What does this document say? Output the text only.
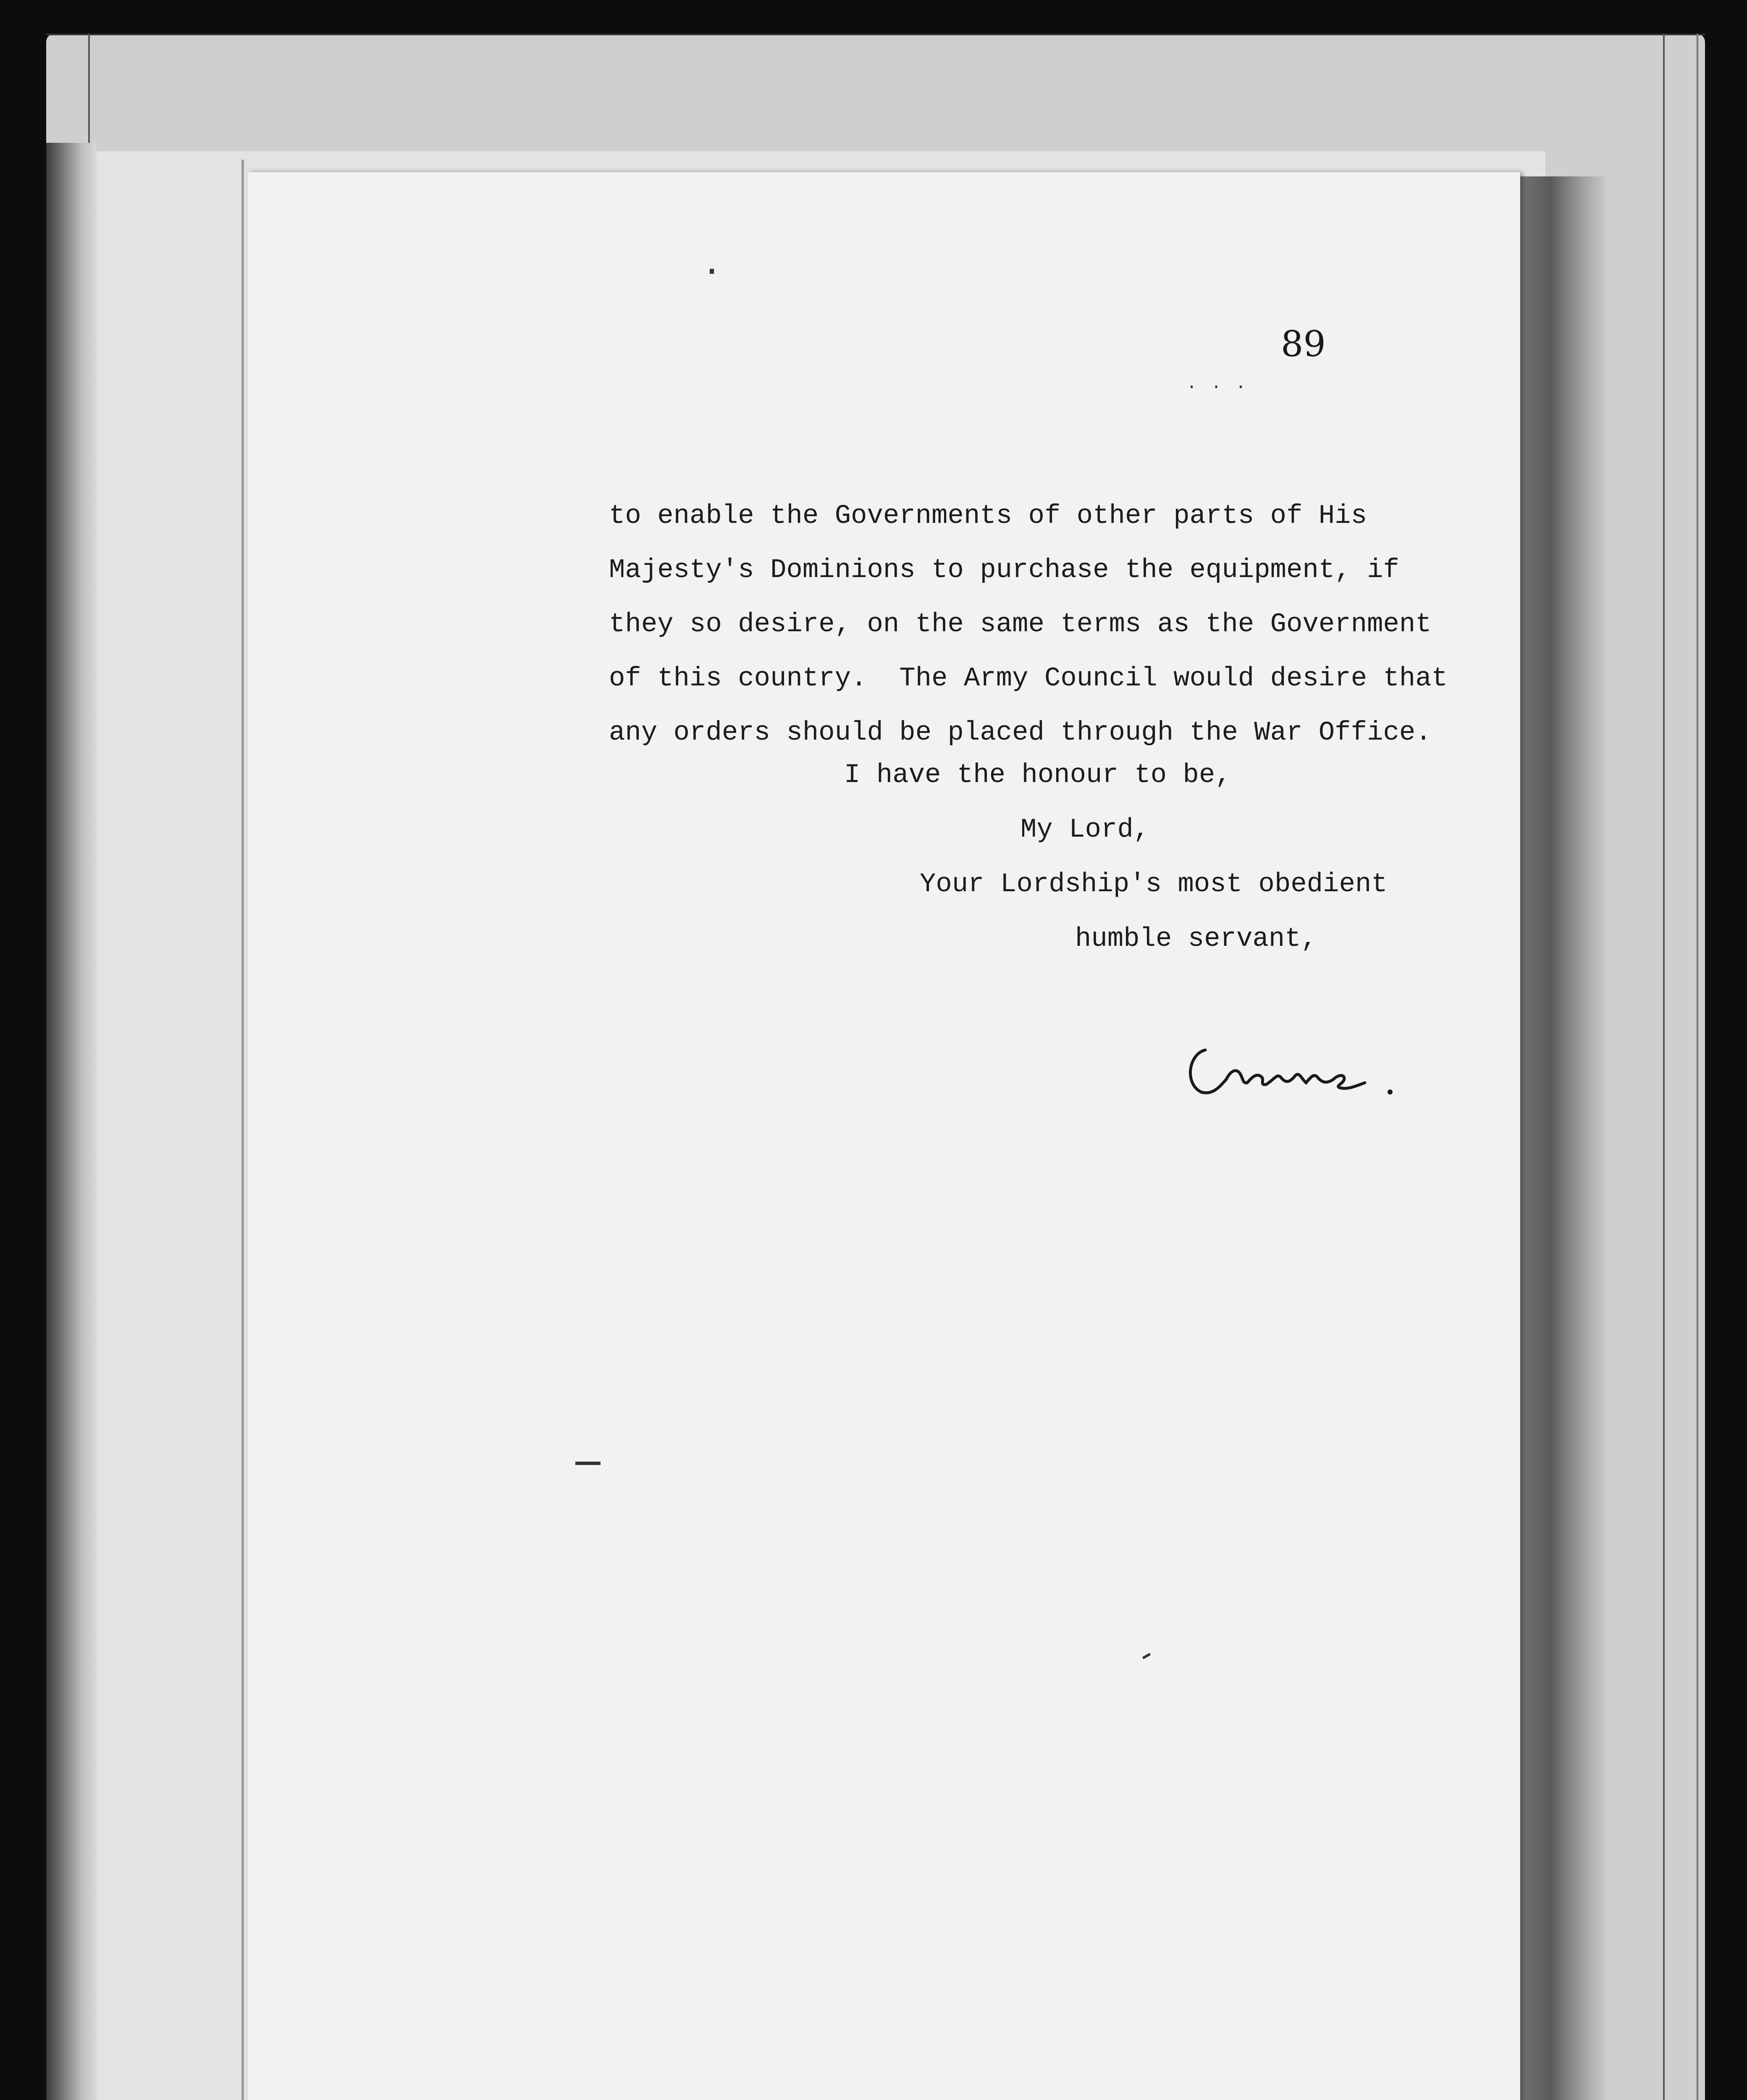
89
. . .
to enable the Governments of other parts of His
Majesty's Dominions to purchase the equipment, if
they so desire, on the same terms as the Government
of this country.  The Army Council would desire that
any orders should be placed through the War Office.
I have the honour to be,
My Lord,
Your Lordship's most obedient
humble servant,
